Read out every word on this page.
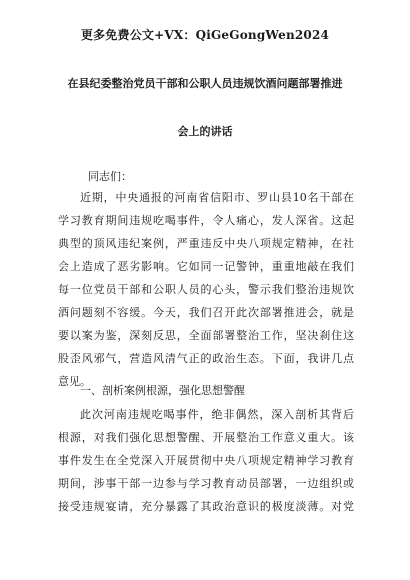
更多免费公文+VX：QiGeGongWen2024
在县纪委整治党员干部和公职人员违规饮酒问题部署推进
会上的讲话
同志们：
近期，中央通报的河南省信阳市、罗山县10名干部在
学习教育期间违规吃喝事件，令人痛心，发人深省。这起
典型的顶风违纪案例，严重违反中央八项规定精神，在社
会上造成了恶劣影响。它如同一记警钟，重重地敲在我们
每一位党员干部和公职人员的心头，警示我们整治违规饮
酒问题刻不容缓。今天，我们召开此次部署推进会，就是
要以案为鉴，深刻反思，全面部署整治工作，坚决刹住这
股歪风邪气，营造风清气正的政治生态。下面，我讲几点
意见。
一、剖析案例根源，强化思想警醒
此次河南违规吃喝事件，绝非偶然，深入剖析其背后
根源，对我们强化思想警醒、开展整治工作意义重大。该
事件发生在全党深入开展贯彻中央八项规定精神学习教育
期间，涉事干部一边参与学习教育动员部署，一边组织或
接受违规宴请，充分暴露了其政治意识的极度淡薄。对党
